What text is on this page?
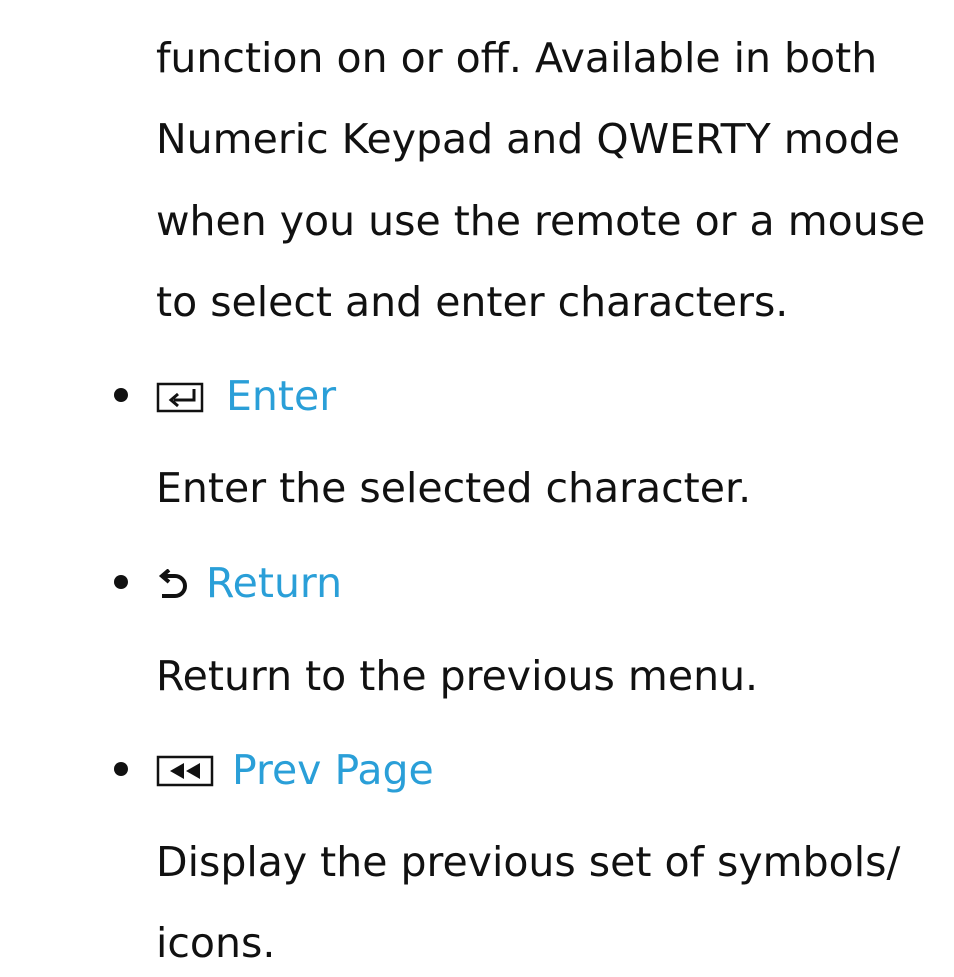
function on or off. Available in both
Numeric Keypad and QWERTY mode
when you use the remote or a mouse
to select and enter characters.
Enter
Enter the selected character.
Return
Return to the previous menu.
Prev Page
Display the previous set of symbols/
icons.
